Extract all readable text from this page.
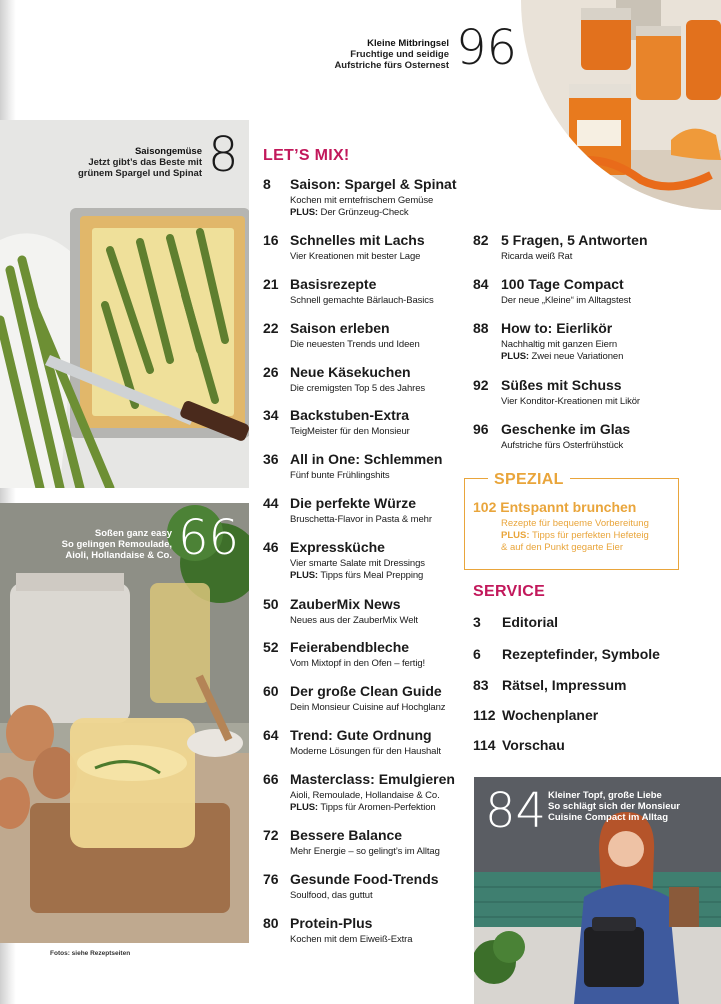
Kleine Mitbringsel
Fruchtige und seidige
Aufstriche fürs Osternest 96
Saisongemüse
Jetzt gibt’s das Beste mit
grünem Spargel und Spinat 8
Soßen ganz easy
So gelingen Remoulade,
Aioli, Hollandaise & Co. 66
Fotos: siehe Rezeptseiten
84 Kleiner Topf, große Liebe
So schlägt sich der Monsieur
Cuisine Compact im Alltag
LET’S MIX!
8 Saison: Spargel & Spinat
Kochen mit erntefrischem Gemüse
PLUS: Der Grünzeug-Check
16 Schnelles mit Lachs
Vier Kreationen mit bester Lage
21 Basisrezepte
Schnell gemachte Bärlauch-Basics
22 Saison erleben
Die neuesten Trends und Ideen
26 Neue Käsekuchen
Die cremigsten Top 5 des Jahres
34 Backstuben-Extra
TeigMeister für den Monsieur
36 All in One: Schlemmen
Fünf bunte Frühlingshits
44 Die perfekte Würze
Bruschetta-Flavor in Pasta & mehr
46 Expressküche
Vier smarte Salate mit Dressings
PLUS: Tipps fürs Meal Prepping
50 ZauberMix News
Neues aus der ZauberMix Welt
52 Feierabendbleche
Vom Mixtopf in den Ofen – fertig!
60 Der große Clean Guide
Dein Monsieur Cuisine auf Hochglanz
64 Trend: Gute Ordnung
Moderne Lösungen für den Haushalt
66 Masterclass: Emulgieren
Aioli, Remoulade, Hollandaise & Co.
PLUS: Tipps für Aromen-Perfektion
72 Bessere Balance
Mehr Energie – so gelingt’s im Alltag
76 Gesunde Food-Trends
Soulfood, das guttut
80 Protein-Plus
Kochen mit dem Eiweiß-Extra
82 5 Fragen, 5 Antworten
Ricarda weiß Rat
84 100 Tage Compact
Der neue „Kleine“ im Alltagstest
88 How to: Eierlikör
Nachhaltig mit ganzen Eiern
PLUS: Zwei neue Variationen
92 Süßes mit Schuss
Vier Konditor-Kreationen mit Likör
96 Geschenke im Glas
Aufstriche fürs Osterfrühstück
SPEZIAL
102 Entspannt brunchen
Rezepte für bequeme Vorbereitung
PLUS: Tipps für perfekten Hefeteig
& auf den Punkt gegarte Eier
SERVICE
3 Editorial
6 Rezeptefinder, Symbole
83 Rätsel, Impressum
112 Wochenplaner
114 Vorschau
